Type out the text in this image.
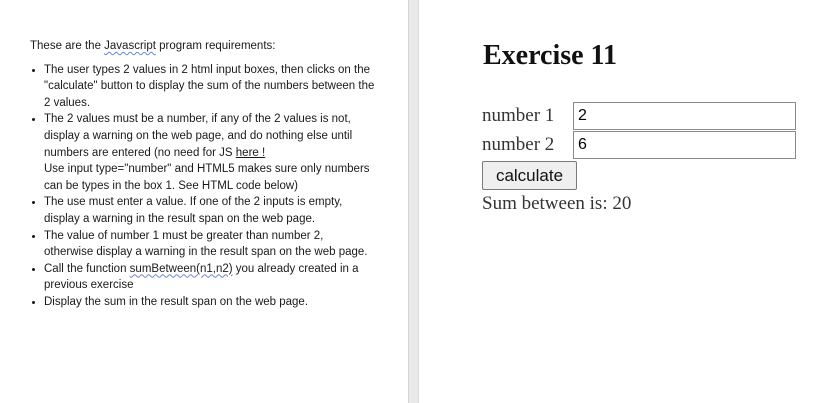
These are the Javascript program requirements:

The user types 2 values in 2 html input boxes, then clicks on the "calculate" button to display the sum of the numbers between the 2 values.
The 2 values must be a number, if any of the 2 values is not, display a warning on the web page, and do nothing else until numbers are entered (no need for JS here !
Use input type="number" and HTML5 makes sure only numbers can be types in the box 1. See HTML code below)
The use must enter a value. If one of the 2 inputs is empty, display a warning in the result span on the web page.
The value of number 1 must be greater than number 2, otherwise display a warning in the result span on the web page.
Call the function sumBetween(n1,n2) you already created in a previous exercise
Display the sum in the result span on the web page.
Exercise 11
number 1
2
number 2
6
calculate
Sum between is: 20
